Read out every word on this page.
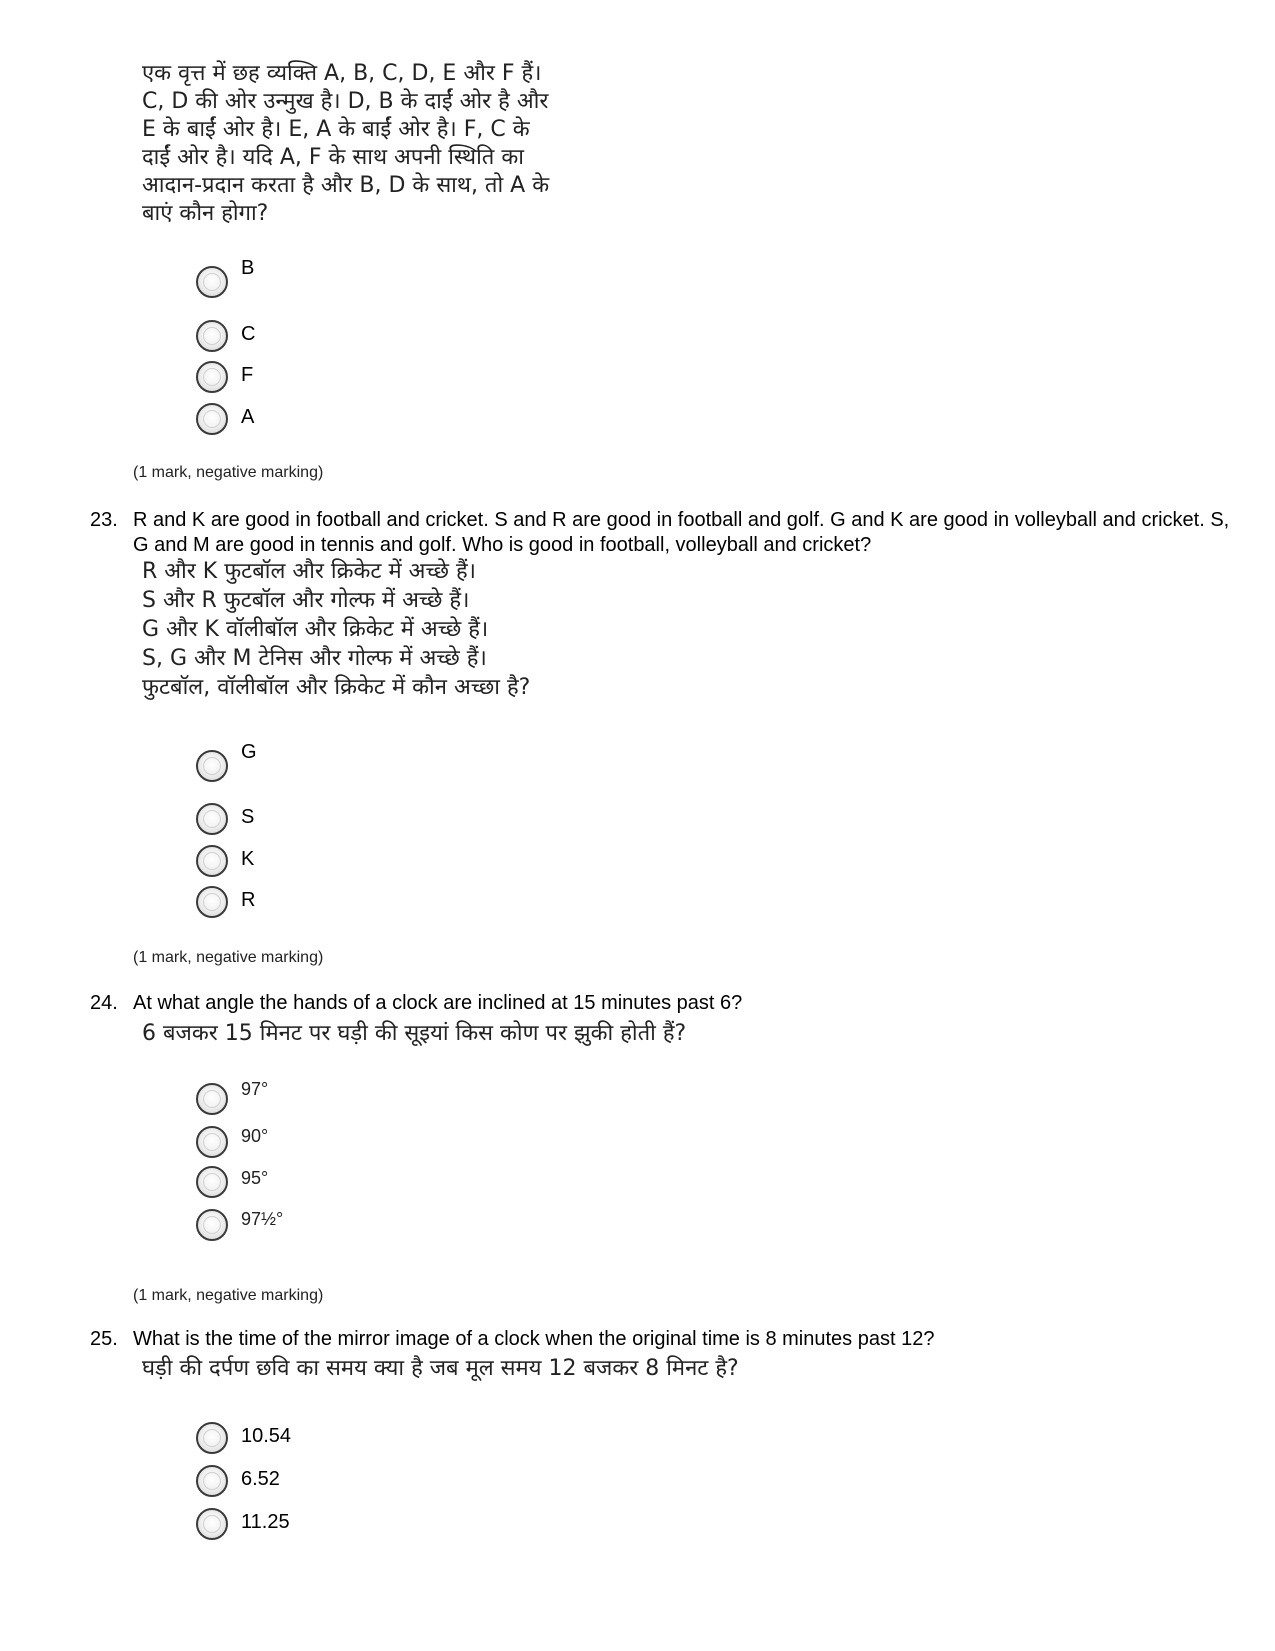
एक वृत्त में छह व्यक्ति A, B, C, D, E और F हैं।
C, D की ओर उन्मुख है। D, B के दाईं ओर है और
E के बाईं ओर है। E, A के बाईं ओर है। F, C के
दाईं ओर है। यदि A, F के साथ अपनी स्थिति का
आदान-प्रदान करता है और B, D के साथ, तो A के
बाएं कौन होगा?
B
C
F
A
(1 mark, negative marking)
23. R and K are good in football and cricket. S and R are good in football and golf. G and K are good in volleyball and cricket. S, G and M are good in tennis and golf. Who is good in football, volleyball and cricket?
R और K फुटबॉल और क्रिकेट में अच्छे हैं।
S और R फुटबॉल और गोल्फ में अच्छे हैं।
G और K वॉलीबॉल और क्रिकेट में अच्छे हैं।
S, G और M टेनिस और गोल्फ में अच्छे हैं।
फुटबॉल, वॉलीबॉल और क्रिकेट में कौन अच्छा है?
G
S
K
R
(1 mark, negative marking)
24. At what angle the hands of a clock are inclined at 15 minutes past 6?
6 बजकर 15 मिनट पर घड़ी की सूइयां किस कोण पर झुकी होती हैं?
97°
90°
95°
97½°
(1 mark, negative marking)
25. What is the time of the mirror image of a clock when the original time is 8 minutes past 12?
घड़ी की दर्पण छवि का समय क्या है जब मूल समय 12 बजकर 8 मिनट है?
10.54
6.52
11.25
